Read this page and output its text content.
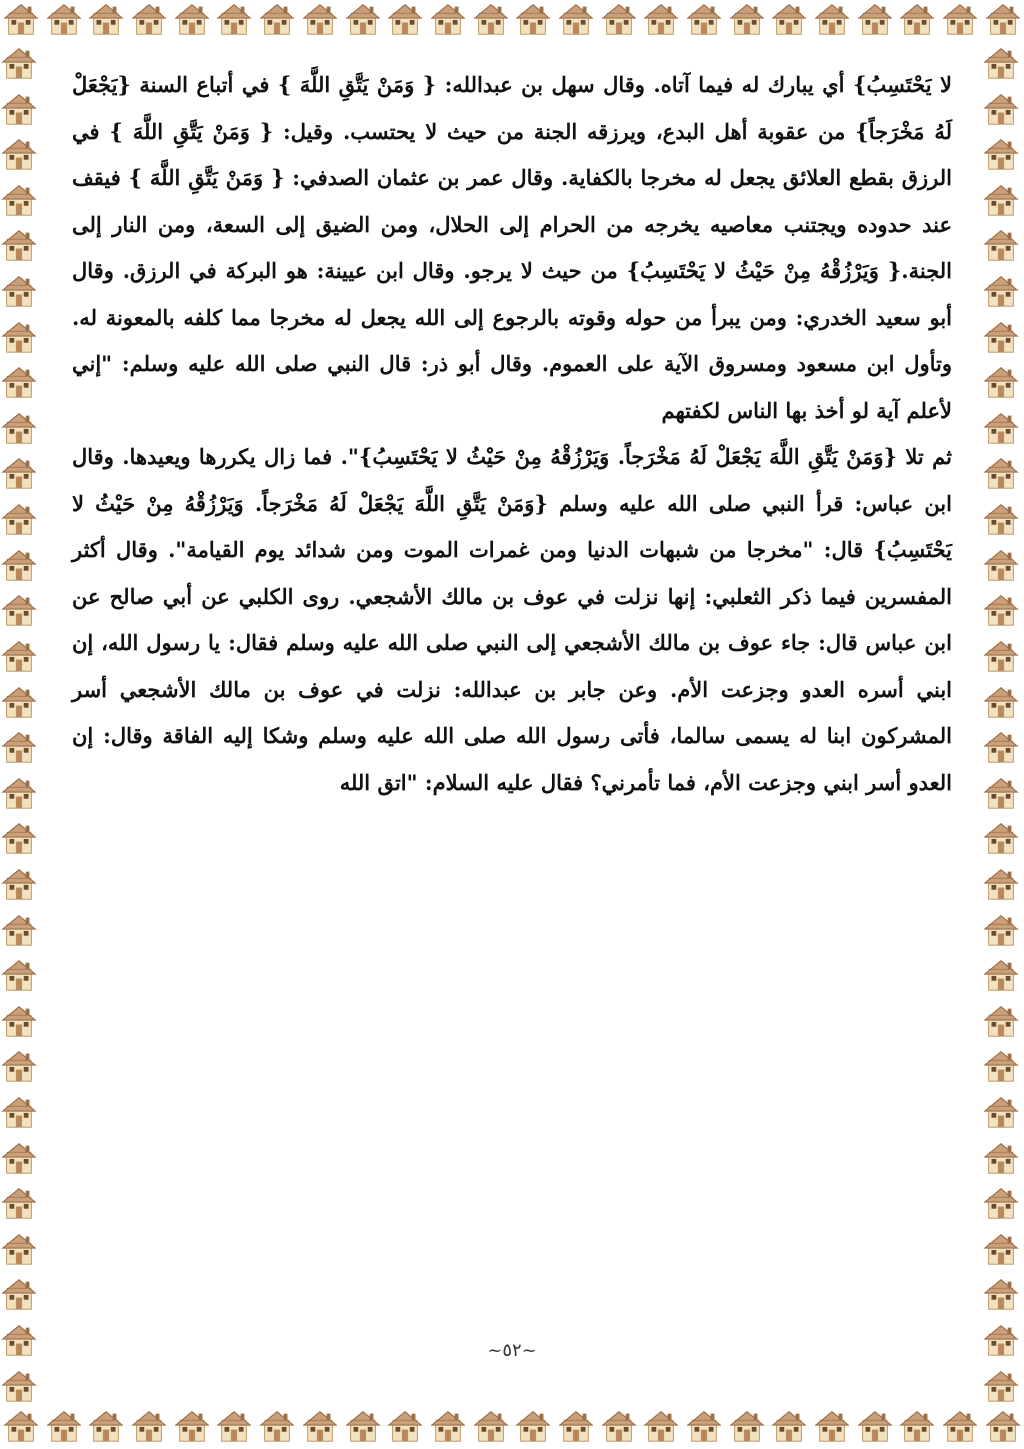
لا يَحْتَسِبُ} أي يبارك له فيما آتاه. وقال سهل بن عبدالله: { وَمَنْ يَتَّقِ اللَّهَ } في أتباع السنة {يَجْعَلْ لَهُ مَخْرَجاً} من عقوبة أهل البدع، ويرزقه الجنة من حيث لا يحتسب. وقيل: { وَمَنْ يَتَّقِ اللَّهَ } في الرزق بقطع العلائق يجعل له مخرجا بالكفاية. وقال عمر بن عثمان الصدفي: { وَمَنْ يَتَّقِ اللَّهَ } فيقف عند حدوده ويجتنب معاصيه يخرجه من الحرام إلى الحلال، ومن الضيق إلى السعة، ومن النار إلى الجنة.{ وَيَرْزُقْهُ مِنْ حَيْثُ لا يَحْتَسِبُ} من حيث لا يرجو. وقال ابن عيينة: هو البركة في الرزق. وقال أبو سعيد الخدري: ومن يبرأ من حوله وقوته بالرجوع إلى الله يجعل له مخرجا مما كلفه بالمعونة له. وتأول ابن مسعود ومسروق الآية على العموم. وقال أبو ذر: قال النبي صلى الله عليه وسلم: "إني لأعلم آية لو أخذ بها الناس لكفتهم

ثم تلا {وَمَنْ يَتَّقِ اللَّهَ يَجْعَلْ لَهُ مَخْرَجاً. وَيَرْزُقْهُ مِنْ حَيْثُ لا يَحْتَسِبُ}". فما زال يكررها ويعيدها. وقال ابن عباس: قرأ النبي صلى الله عليه وسلم {وَمَنْ يَتَّقِ اللَّهَ يَجْعَلْ لَهُ مَخْرَجاً. وَيَرْزُقْهُ مِنْ حَيْثُ لا يَحْتَسِبُ} قال: "مخرجا من شبهات الدنيا ومن غمرات الموت ومن شدائد يوم القيامة". وقال أكثر المفسرين فيما ذكر الثعلبي: إنها نزلت في عوف بن مالك الأشجعي. روى الكلبي عن أبي صالح عن ابن عباس قال: جاء عوف بن مالك الأشجعي إلى النبي صلى الله عليه وسلم فقال: يا رسول الله، إن ابني أسره العدو وجزعت الأم. وعن جابر بن عبدالله: نزلت في عوف بن مالك الأشجعي أسر المشركون ابنا له يسمى سالما، فأتى رسول الله صلى الله عليه وسلم وشكا إليه الفاقة وقال: إن العدو أسر ابني وجزعت الأم، فما تأمرني؟ فقال عليه السلام: "اتق الله

~٥٢~
